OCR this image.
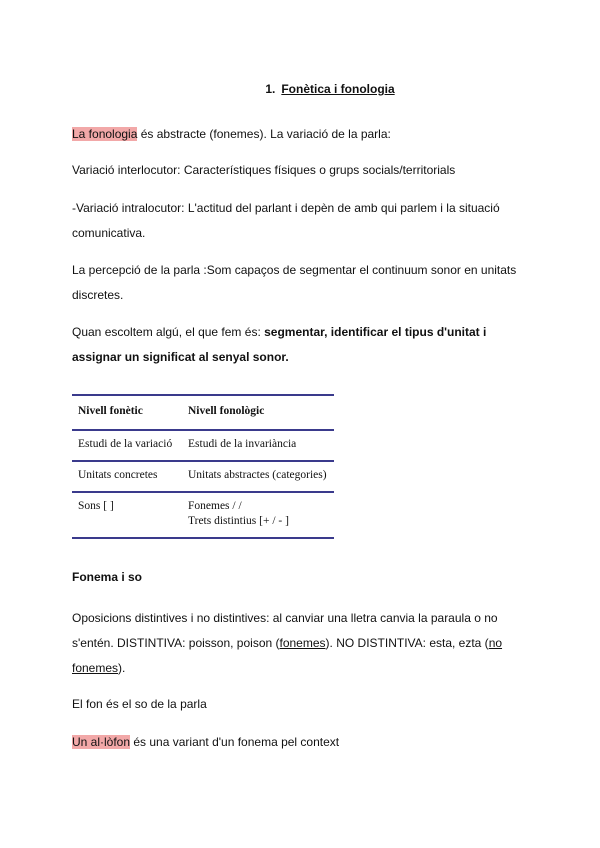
1. Fonètica i fonologia
La fonologia és abstracte (fonemes). La variació de la parla:
Variació interlocutor: Característiques físiques o grups socials/territorials
-Variació intralocutor: L'actitud del parlant i depèn de amb qui parlem i la situació comunicativa.
La percepció de la parla :Som capaços de segmentar el continuum sonor en unitats discretes.
Quan escoltem algú, el que fem és: segmentar, identificar el tipus d'unitat i assignar un significat al senyal sonor.
Nivell fonètic	Nivell fonològic
Estudi de la variació	Estudi de la invariància
Unitats concretes	Unitats abstractes (categories)
Sons [ ]	Fonemes / /
Trets distintius [+ / - ]
Fonema i so
Oposicions distintives i no distintives: al canviar una lletra canvia la paraula o no s'entén. DISTINTIVA: poisson, poison (fonemes). NO DISTINTIVA: esta, ezta (no fonemes).
El fon és el so de la parla
Un al·lòfon és una variant d'un fonema pel context
